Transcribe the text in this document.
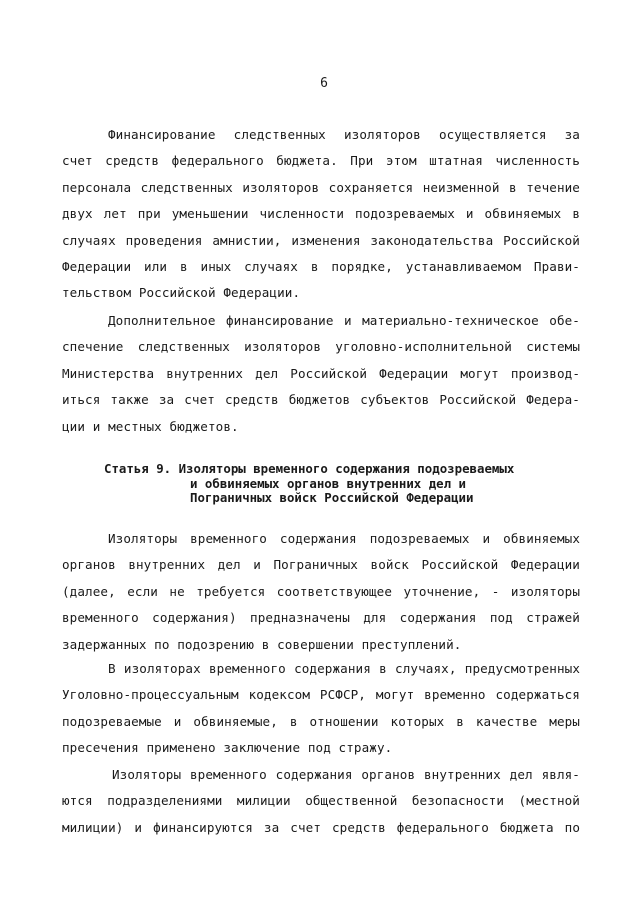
6
Финансирование следственных изоляторов осуществляется за
счет средств федерального бюджета. При этом штатная численность
персонала следственных изоляторов сохраняется неизменной в течение
двух лет при уменьшении численности подозреваемых и обвиняемых в
случаях проведения амнистии, изменения законодательства Российской
Федерации или в иных случаях в порядке, устанавливаемом Прави-
тельством Российской Федерации.
Дополнительное финансирование и материально-техническое обе-
спечение следственных изоляторов уголовно-исполнительной системы
Министерства внутренних дел Российской Федерации могут производ-
иться также за счет средств бюджетов субъектов Российской Федера-
ции и местных бюджетов.
Статья 9. Изоляторы временного содержания подозреваемых
и обвиняемых органов внутренних дел и
Пограничных войск Российской Федерации
Изоляторы временного содержания подозреваемых и обвиняемых
органов внутренних дел и Пограничных войск Российской Федерации
(далее, если не требуется соответствующее уточнение, - изоляторы
временного содержания) предназначены для содержания под стражей
задержанных по подозрению в совершении преступлений.
В изоляторах временного содержания в случаях, предусмотренных
Уголовно-процессуальным кодексом РСФСР, могут временно содержаться
подозреваемые и обвиняемые, в отношении которых в качестве меры
пресечения применено заключение под стражу.
Изоляторы временного содержания органов внутренних дел явля-
ются подразделениями милиции общественной безопасности (местной
милиции) и финансируются за счет средств федерального бюджета по
